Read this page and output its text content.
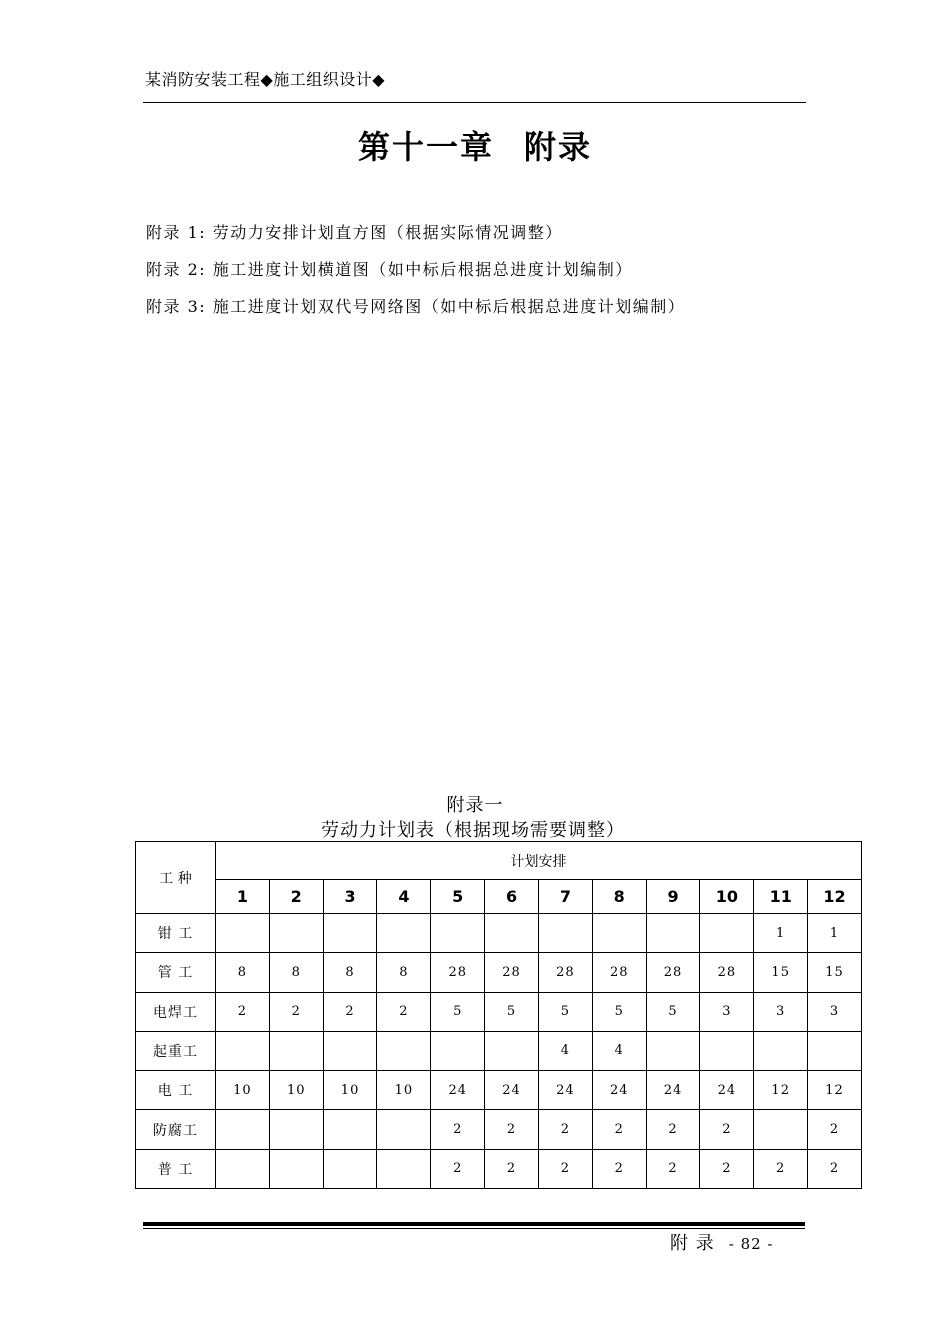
某消防安装工程◆施工组织设计◆
第十一章 附录
附录 1: 劳动力安排计划直方图（根据实际情况调整）
附录 2: 施工进度计划横道图（如中标后根据总进度计划编制）
附录 3: 施工进度计划双代号网络图（如中标后根据总进度计划编制）
附录一
劳动力计划表（根据现场需要调整）
工 种	计划安排											
	1	2	3	4	5	6	7	8	9	10	11	12
钳 工											1	1
管 工	8	8	8	8	28	28	28	28	28	28	15	15
电焊工	2	2	2	2	5	5	5	5	5	3	3	3
起重工							4	4				
电 工	10	10	10	10	24	24	24	24	24	24	12	12
防腐工					2	2	2	2	2	2		2
普 工					2	2	2	2	2	2	2	2
附 录 - 82 -
